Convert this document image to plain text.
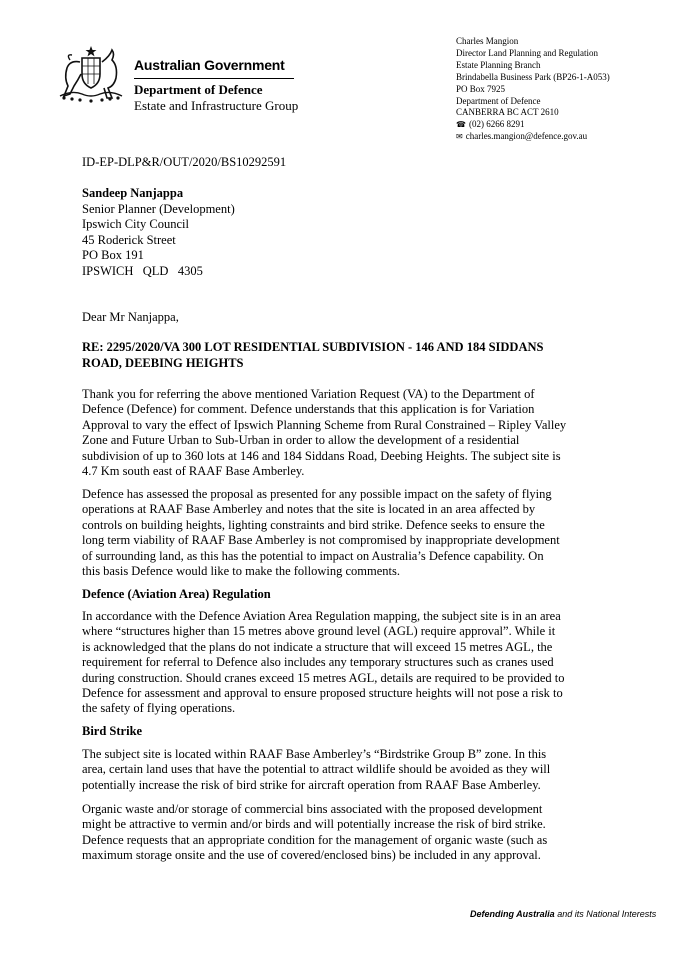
Australian Government
Department of Defence
Estate and Infrastructure Group
Charles Mangion
Director Land Planning and Regulation
Estate Planning Branch
Brindabella Business Park (BP26-1-A053)
PO Box 7925
Department of Defence
CANBERRA BC ACT 2610
☎ (02) 6266 8291
✉ charles.mangion@defence.gov.au
ID-EP-DLP&R/OUT/2020/BS10292591
Sandeep Nanjappa
Senior Planner (Development)
Ipswich City Council
45 Roderick Street
PO Box 191
IPSWICH   QLD   4305
Dear Mr Nanjappa,
RE: 2295/2020/VA 300 LOT RESIDENTIAL SUBDIVISION - 146 AND 184 SIDDANS
ROAD, DEEBING HEIGHTS
Thank you for referring the above mentioned Variation Request (VA) to the Department of
Defence (Defence) for comment. Defence understands that this application is for Variation
Approval to vary the effect of Ipswich Planning Scheme from Rural Constrained – Ripley Valley
Zone and Future Urban to Sub-Urban in order to allow the development of a residential
subdivision of up to 360 lots at 146 and 184 Siddans Road, Deebing Heights. The subject site is
4.7 Km south east of RAAF Base Amberley.
Defence has assessed the proposal as presented for any possible impact on the safety of flying
operations at RAAF Base Amberley and notes that the site is located in an area affected by
controls on building heights, lighting constraints and bird strike. Defence seeks to ensure the
long term viability of RAAF Base Amberley is not compromised by inappropriate development
of surrounding land, as this has the potential to impact on Australia’s Defence capability. On
this basis Defence would like to make the following comments.
Defence (Aviation Area) Regulation
In accordance with the Defence Aviation Area Regulation mapping, the subject site is in an area
where “structures higher than 15 metres above ground level (AGL) require approval”. While it
is acknowledged that the plans do not indicate a structure that will exceed 15 metres AGL, the
requirement for referral to Defence also includes any temporary structures such as cranes used
during construction. Should cranes exceed 15 metres AGL, details are required to be provided to
Defence for assessment and approval to ensure proposed structure heights will not pose a risk to
the safety of flying operations.
Bird Strike
The subject site is located within RAAF Base Amberley’s “Birdstrike Group B” zone. In this
area, certain land uses that have the potential to attract wildlife should be avoided as they will
potentially increase the risk of bird strike for aircraft operation from RAAF Base Amberley.
Organic waste and/or storage of commercial bins associated with the proposed development
might be attractive to vermin and/or birds and will potentially increase the risk of bird strike.
Defence requests that an appropriate condition for the management of organic waste (such as
maximum storage onsite and the use of covered/enclosed bins) be included in any approval.
Defending Australia and its National Interests
